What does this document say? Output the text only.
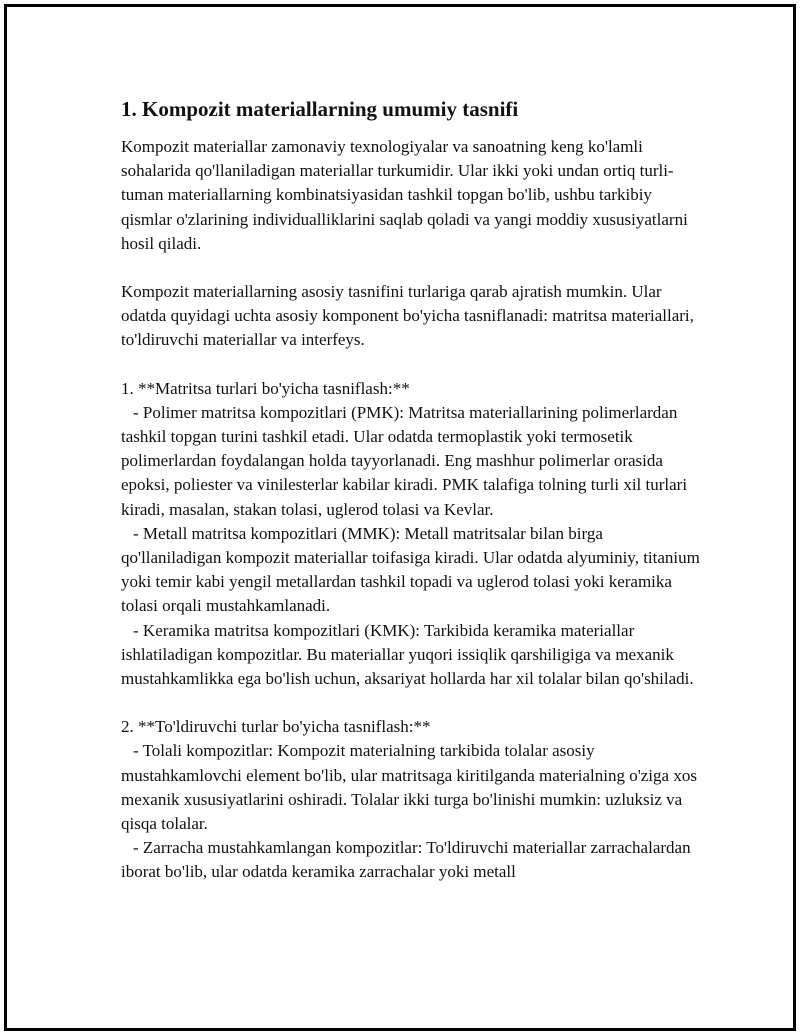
1. Kompozit materiallarning umumiy tasnifi

Kompozit materiallar zamonaviy texnologiyalar va sanoatning keng ko'lamli sohalarida qo'llaniladigan materiallar turkumidir. Ular ikki yoki undan ortiq turli-tuman materiallarning kombinatsiyasidan tashkil topgan bo'lib, ushbu tarkibiy qismlar o'zlarining individualliklarini saqlab qoladi va yangi moddiy xususiyatlarni hosil qiladi.

Kompozit materiallarning asosiy tasnifini turlariga qarab ajratish mumkin. Ular odatda quyidagi uchta asosiy komponent bo'yicha tasniflanadi: matritsa materiallari, to'ldiruvchi materiallar va interfeys.

1. **Matritsa turlari bo'yicha tasniflash:**

- Polimer matritsa kompozitlari (PMK): Matritsa materiallarining polimerlardan tashkil topgan turini tashkil etadi. Ular odatda termoplastik yoki termosetik polimerlardan foydalangan holda tayyorlanadi. Eng mashhur polimerlar orasida epoksi, poliester va vinilesterlar kabilar kiradi. PMK talafiga tolning turli xil turlari kiradi, masalan, stakan tolasi, uglerod tolasi va Kevlar.

- Metall matritsa kompozitlari (MMK): Metall matritsalar bilan birga qo'llaniladigan kompozit materiallar toifasiga kiradi. Ular odatda alyuminiy, titanium yoki temir kabi yengil metallardan tashkil topadi va uglerod tolasi yoki keramika tolasi orqali mustahkamlanadi.

- Keramika matritsa kompozitlari (KMK): Tarkibida keramika materiallar ishlatiladigan kompozitlar. Bu materiallar yuqori issiqlik qarshiligiga va mexanik mustahkamlikka ega bo'lish uchun, aksariyat hollarda har xil tolalar bilan qo'shiladi.

2. **To'ldiruvchi turlar bo'yicha tasniflash:**

- Tolali kompozitlar: Kompozit materialning tarkibida tolalar asosiy mustahkamlovchi element bo'lib, ular matritsaga kiritilganda materialning o'ziga xos mexanik xususiyatlarini oshiradi. Tolalar ikki turga bo'linishi mumkin: uzluksiz va qisqa tolalar.

- Zarracha mustahkamlangan kompozitlar: To'ldiruvchi materiallar zarrachalardan iborat bo'lib, ular odatda keramika zarrachalar yoki metall
